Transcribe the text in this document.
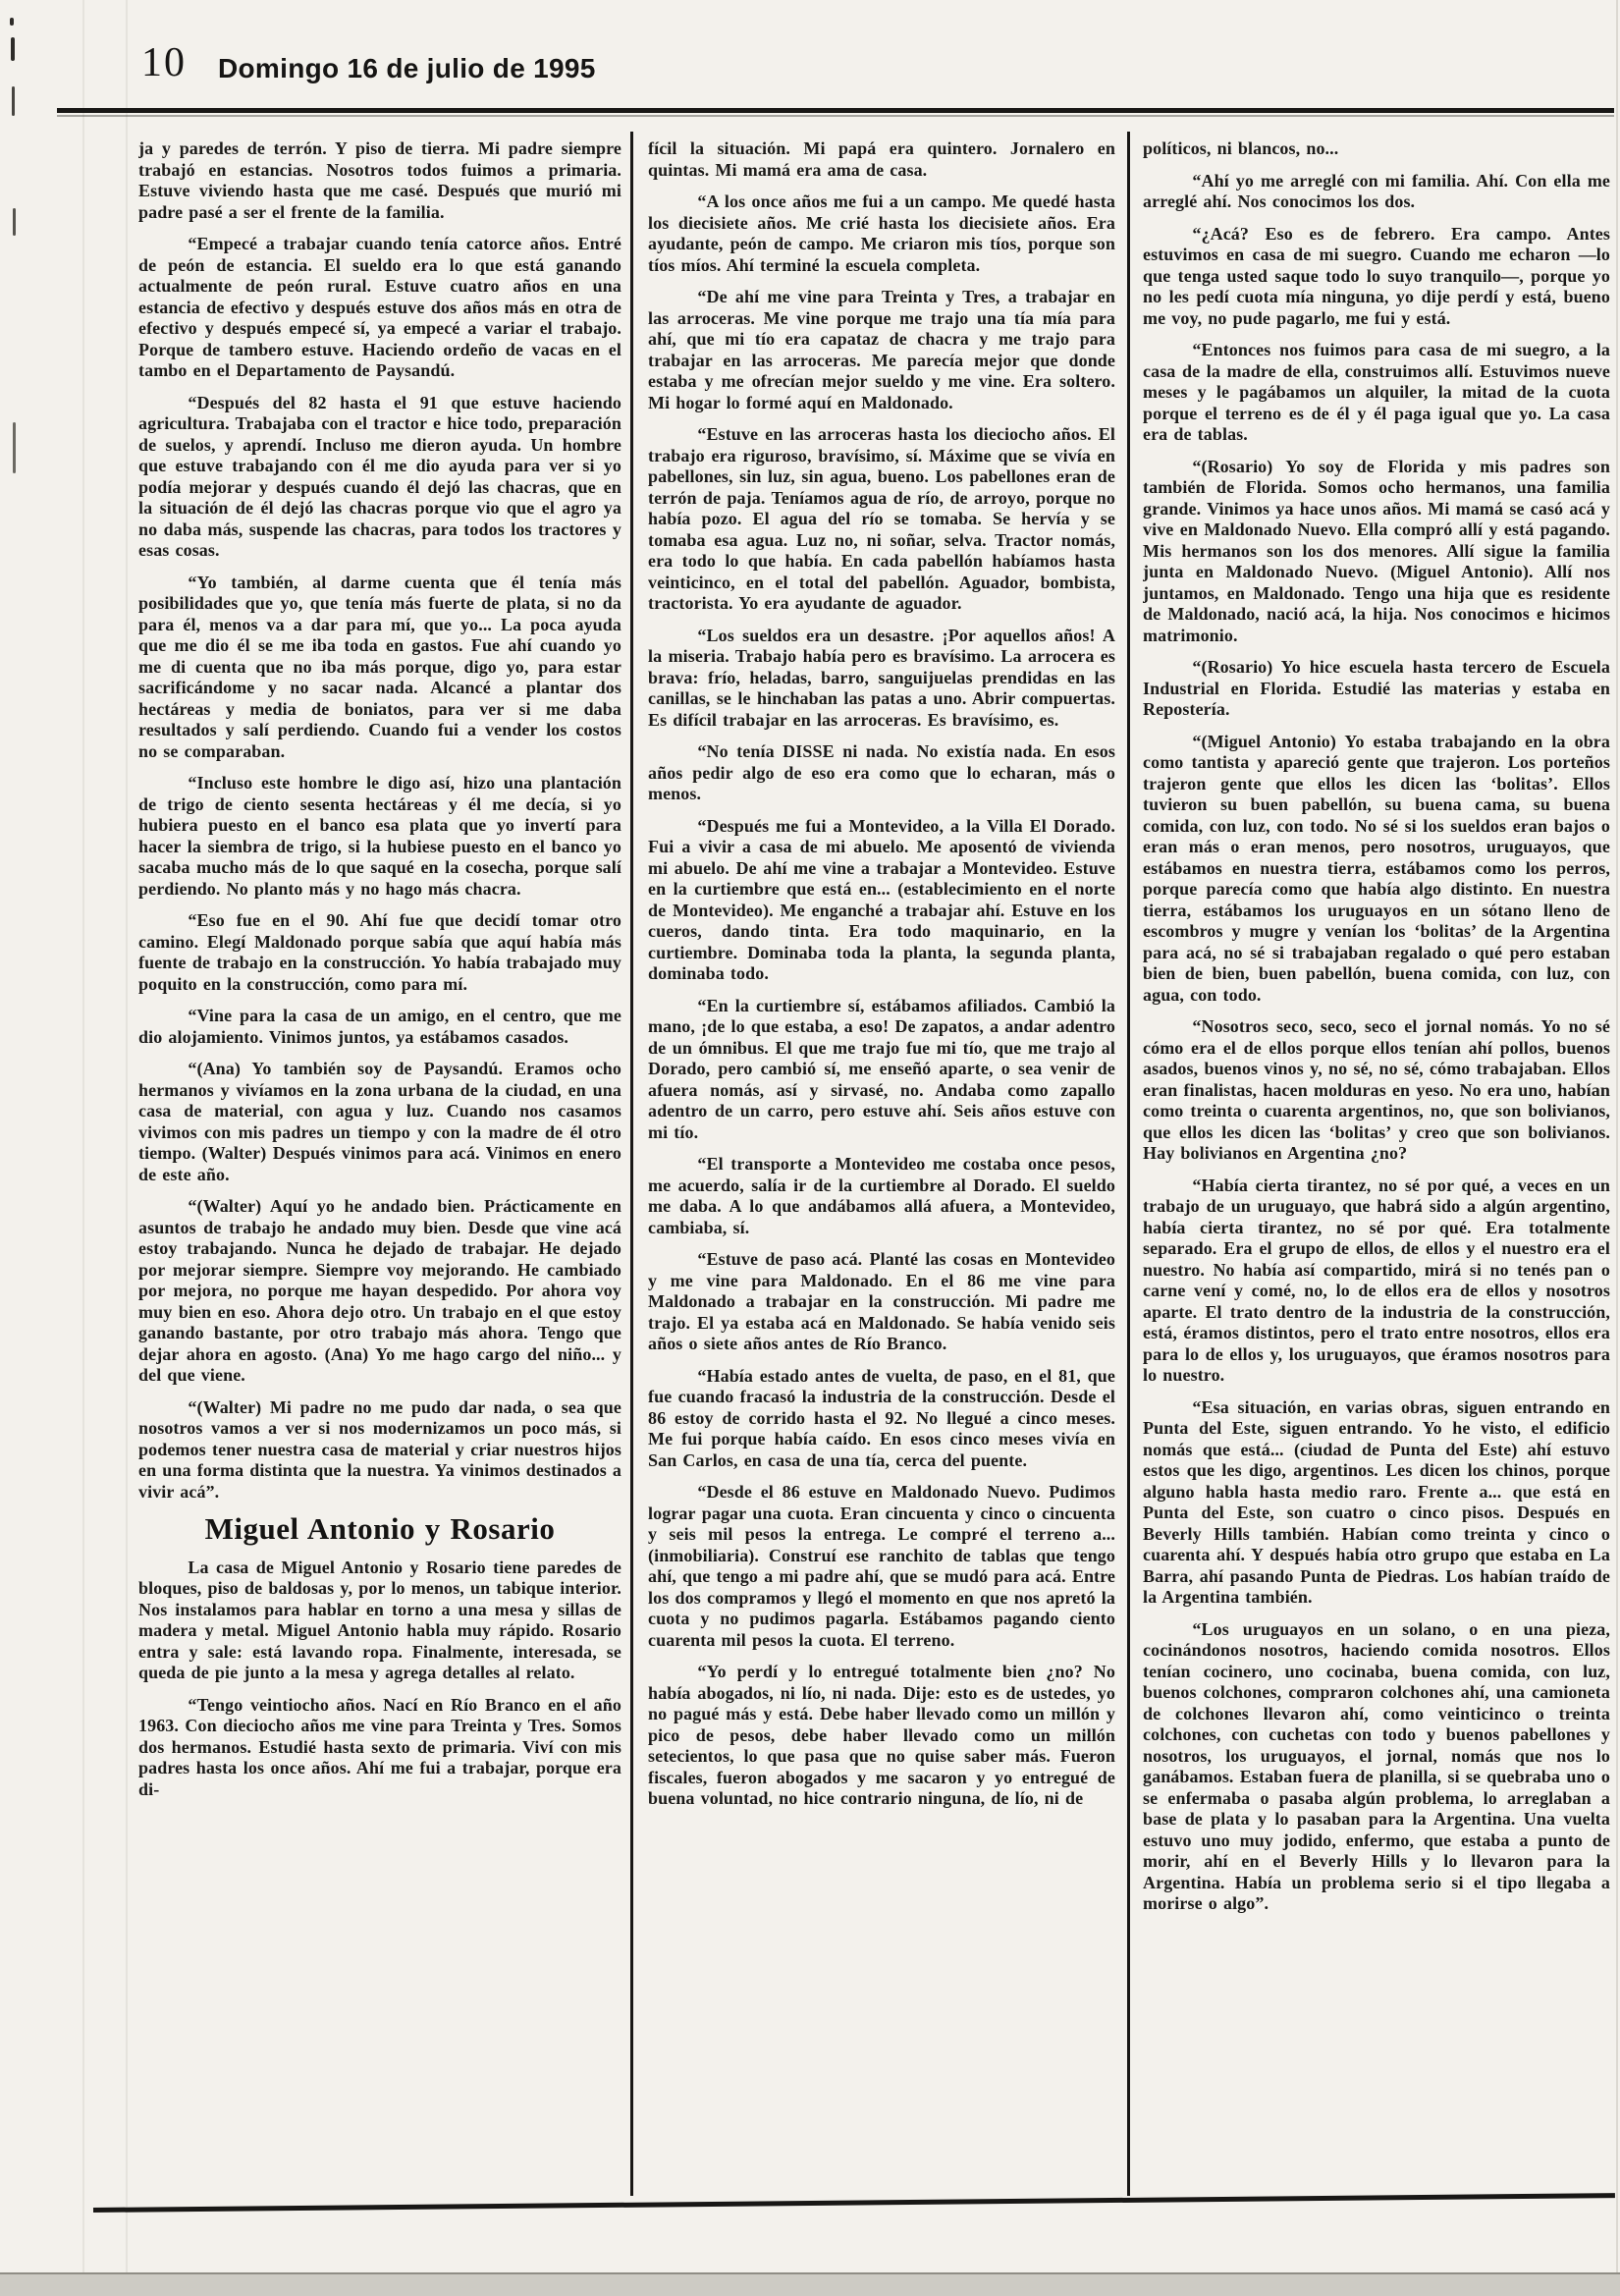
10 Domingo 16 de julio de 1995

ja y paredes de terrón. Y piso de tierra. Mi padre siempre trabajó en estancias. Nosotros todos fuimos a primaria. Estuve viviendo hasta que me casé. Después que murió mi padre pasé a ser el frente de la familia.

“Empecé a trabajar cuando tenía catorce años. Entré de peón de estancia. El sueldo era lo que está ganando actualmente de peón rural. Estuve cuatro años en una estancia de efectivo y después estuve dos años más en otra de efectivo y después empecé sí, ya empecé a variar el trabajo. Porque de tambero estuve. Haciendo ordeño de vacas en el tambo en el Departamento de Paysandú.

“Después del 82 hasta el 91 que estuve haciendo agricultura. Trabajaba con el tractor e hice todo, preparación de suelos, y aprendí. Incluso me dieron ayuda. Un hombre que estuve trabajando con él me dio ayuda para ver si yo podía mejorar y después cuando él dejó las chacras, que en la situación de él dejó las chacras porque vio que el agro ya no daba más, suspende las chacras, para todos los tractores y esas cosas.

“Yo también, al darme cuenta que él tenía más posibilidades que yo, que tenía más fuerte de plata, si no da para él, menos va a dar para mí, que yo... La poca ayuda que me dio él se me iba toda en gastos. Fue ahí cuando yo me di cuenta que no iba más porque, digo yo, para estar sacrificándome y no sacar nada. Alcancé a plantar dos hectáreas y media de boniatos, para ver si me daba resultados y salí perdiendo. Cuando fui a vender los costos no se comparaban.

“Incluso este hombre le digo así, hizo una plantación de trigo de ciento sesenta hectáreas y él me decía, si yo hubiera puesto en el banco esa plata que yo invertí para hacer la siembra de trigo, si la hubiese puesto en el banco yo sacaba mucho más de lo que saqué en la cosecha, porque salí perdiendo. No planto más y no hago más chacra.

“Eso fue en el 90. Ahí fue que decidí tomar otro camino. Elegí Maldonado porque sabía que aquí había más fuente de trabajo en la construcción. Yo había trabajado muy poquito en la construcción, como para mí.

“Vine para la casa de un amigo, en el centro, que me dio alojamiento. Vinimos juntos, ya estábamos casados.

“(Ana) Yo también soy de Paysandú. Eramos ocho hermanos y vivíamos en la zona urbana de la ciudad, en una casa de material, con agua y luz. Cuando nos casamos vivimos con mis padres un tiempo y con la madre de él otro tiempo. (Walter) Después vinimos para acá. Vinimos en enero de este año.

“(Walter) Aquí yo he andado bien. Prácticamente en asuntos de trabajo he andado muy bien. Desde que vine acá estoy trabajando. Nunca he dejado de trabajar. He dejado por mejorar siempre. Siempre voy mejorando. He cambiado por mejora, no porque me hayan despedido. Por ahora voy muy bien en eso. Ahora dejo otro. Un trabajo en el que estoy ganando bastante, por otro trabajo más ahora. Tengo que dejar ahora en agosto. (Ana) Yo me hago cargo del niño... y del que viene.

“(Walter) Mi padre no me pudo dar nada, o sea que nosotros vamos a ver si nos modernizamos un poco más, si podemos tener nuestra casa de material y criar nuestros hijos en una forma distinta que la nuestra. Ya vinimos destinados a vivir acá”.

Miguel Antonio y Rosario

La casa de Miguel Antonio y Rosario tiene paredes de bloques, piso de baldosas y, por lo menos, un tabique interior. Nos instalamos para hablar en torno a una mesa y sillas de madera y metal. Miguel Antonio habla muy rápido. Rosario entra y sale: está lavando ropa. Finalmente, interesada, se queda de pie junto a la mesa y agrega detalles al relato.

“Tengo veintiocho años. Nací en Río Branco en el año 1963. Con dieciocho años me vine para Treinta y Tres. Somos dos hermanos. Estudié hasta sexto de primaria. Viví con mis padres hasta los once años. Ahí me fui a trabajar, porque era di-

fícil la situación. Mi papá era quintero. Jornalero en quintas. Mi mamá era ama de casa.

“A los once años me fui a un campo. Me quedé hasta los diecisiete años. Me crié hasta los diecisiete años. Era ayudante, peón de campo. Me criaron mis tíos, porque son tíos míos. Ahí terminé la escuela completa.

“De ahí me vine para Treinta y Tres, a trabajar en las arroceras. Me vine porque me trajo una tía mía para ahí, que mi tío era capataz de chacra y me trajo para trabajar en las arroceras. Me parecía mejor que donde estaba y me ofrecían mejor sueldo y me vine. Era soltero. Mi hogar lo formé aquí en Maldonado.

“Estuve en las arroceras hasta los dieciocho años. El trabajo era riguroso, bravísimo, sí. Máxime que se vivía en pabellones, sin luz, sin agua, bueno. Los pabellones eran de terrón de paja. Teníamos agua de río, de arroyo, porque no había pozo. El agua del río se tomaba. Se hervía y se tomaba esa agua. Luz no, ni soñar, selva. Tractor nomás, era todo lo que había. En cada pabellón habíamos hasta veinticinco, en el total del pabellón. Aguador, bombista, tractorista. Yo era ayudante de aguador.

“Los sueldos era un desastre. ¡Por aquellos años! A la miseria. Trabajo había pero es bravísimo. La arrocera es brava: frío, heladas, barro, sanguijuelas prendidas en las canillas, se le hinchaban las patas a uno. Abrir compuertas. Es difícil trabajar en las arroceras. Es bravísimo, es.

“No tenía DISSE ni nada. No existía nada. En esos años pedir algo de eso era como que lo echaran, más o menos.

“Después me fui a Montevideo, a la Villa El Dorado. Fui a vivir a casa de mi abuelo. Me aposentó de vivienda mi abuelo. De ahí me vine a trabajar a Montevideo. Estuve en la curtiembre que está en... (establecimiento en el norte de Montevideo). Me enganché a trabajar ahí. Estuve en los cueros, dando tinta. Era todo maquinario, en la curtiembre. Dominaba toda la planta, la segunda planta, dominaba todo.

“En la curtiembre sí, estábamos afiliados. Cambió la mano, ¡de lo que estaba, a eso! De zapatos, a andar adentro de un ómnibus. El que me trajo fue mi tío, que me trajo al Dorado, pero cambió sí, me enseñó aparte, o sea venir de afuera nomás, así y sirvasé, no. Andaba como zapallo adentro de un carro, pero estuve ahí. Seis años estuve con mi tío.

“El transporte a Montevideo me costaba once pesos, me acuerdo, salía ir de la curtiembre al Dorado. El sueldo me daba. A lo que andábamos allá afuera, a Montevideo, cambiaba, sí.

“Estuve de paso acá. Planté las cosas en Montevideo y me vine para Maldonado. En el 86 me vine para Maldonado a trabajar en la construcción. Mi padre me trajo. El ya estaba acá en Maldonado. Se había venido seis años o siete años antes de Río Branco.

“Había estado antes de vuelta, de paso, en el 81, que fue cuando fracasó la industria de la construcción. Desde el 86 estoy de corrido hasta el 92. No llegué a cinco meses. Me fui porque había caído. En esos cinco meses vivía en San Carlos, en casa de una tía, cerca del puente.

“Desde el 86 estuve en Maldonado Nuevo. Pudimos lograr pagar una cuota. Eran cincuenta y cinco o cincuenta y seis mil pesos la entrega. Le compré el terreno a... (inmobiliaria). Construí ese ranchito de tablas que tengo ahí, que tengo a mi padre ahí, que se mudó para acá. Entre los dos compramos y llegó el momento en que nos apretó la cuota y no pudimos pagarla. Estábamos pagando ciento cuarenta mil pesos la cuota. El terreno.

“Yo perdí y lo entregué totalmente bien ¿no? No había abogados, ni lío, ni nada. Dije: esto es de ustedes, yo no pagué más y está. Debe haber llevado como un millón y pico de pesos, debe haber llevado como un millón setecientos, lo que pasa que no quise saber más. Fueron fiscales, fueron abogados y me sacaron y yo entregué de buena voluntad, no hice contrario ninguna, de lío, ni de

políticos, ni blancos, no...

“Ahí yo me arreglé con mi familia. Ahí. Con ella me arreglé ahí. Nos conocimos los dos.

“¿Acá? Eso es de febrero. Era campo. Antes estuvimos en casa de mi suegro. Cuando me echaron —lo que tenga usted saque todo lo suyo tranquilo—, porque yo no les pedí cuota mía ninguna, yo dije perdí y está, bueno me voy, no pude pagarlo, me fui y está.

“Entonces nos fuimos para casa de mi suegro, a la casa de la madre de ella, construimos allí. Estuvimos nueve meses y le pagábamos un alquiler, la mitad de la cuota porque el terreno es de él y él paga igual que yo. La casa era de tablas.

“(Rosario) Yo soy de Florida y mis padres son también de Florida. Somos ocho hermanos, una familia grande. Vinimos ya hace unos años. Mi mamá se casó acá y vive en Maldonado Nuevo. Ella compró allí y está pagando. Mis hermanos son los dos menores. Allí sigue la familia junta en Maldonado Nuevo. (Miguel Antonio). Allí nos juntamos, en Maldonado. Tengo una hija que es residente de Maldonado, nació acá, la hija. Nos conocimos e hicimos matrimonio.

“(Rosario) Yo hice escuela hasta tercero de Escuela Industrial en Florida. Estudié las materias y estaba en Repostería.

“(Miguel Antonio) Yo estaba trabajando en la obra como tantista y apareció gente que trajeron. Los porteños trajeron gente que ellos les dicen las ‘bolitas’. Ellos tuvieron su buen pabellón, su buena cama, su buena comida, con luz, con todo. No sé si los sueldos eran bajos o eran más o eran menos, pero nosotros, uruguayos, que estábamos en nuestra tierra, estábamos como los perros, porque parecía como que había algo distinto. En nuestra tierra, estábamos los uruguayos en un sótano lleno de escombros y mugre y venían los ‘bolitas’ de la Argentina para acá, no sé si trabajaban regalado o qué pero estaban bien de bien, buen pabellón, buena comida, con luz, con agua, con todo.

“Nosotros seco, seco, seco el jornal nomás. Yo no sé cómo era el de ellos porque ellos tenían ahí pollos, buenos asados, buenos vinos y, no sé, no sé, cómo trabajaban. Ellos eran finalistas, hacen molduras en yeso. No era uno, habían como treinta o cuarenta argentinos, no, que son bolivianos, que ellos les dicen las ‘bolitas’ y creo que son bolivianos. Hay bolivianos en Argentina ¿no?

“Había cierta tirantez, no sé por qué, a veces en un trabajo de un uruguayo, que habrá sido a algún argentino, había cierta tirantez, no sé por qué. Era totalmente separado. Era el grupo de ellos, de ellos y el nuestro era el nuestro. No había así compartido, mirá si no tenés pan o carne vení y comé, no, lo de ellos era de ellos y nosotros aparte. El trato dentro de la industria de la construcción, está, éramos distintos, pero el trato entre nosotros, ellos era para lo de ellos y, los uruguayos, que éramos nosotros para lo nuestro.

“Esa situación, en varias obras, siguen entrando en Punta del Este, siguen entrando. Yo he visto, el edificio nomás que está... (ciudad de Punta del Este) ahí estuvo estos que les digo, argentinos. Les dicen los chinos, porque alguno habla hasta medio raro. Frente a... que está en Punta del Este, son cuatro o cinco pisos. Después en Beverly Hills también. Habían como treinta y cinco o cuarenta ahí. Y después había otro grupo que estaba en La Barra, ahí pasando Punta de Piedras. Los habían traído de la Argentina también.

“Los uruguayos en un solano, o en una pieza, cocinándonos nosotros, haciendo comida nosotros. Ellos tenían cocinero, uno cocinaba, buena comida, con luz, buenos colchones, compraron colchones ahí, una camioneta de colchones llevaron ahí, como veinticinco o treinta colchones, con cuchetas con todo y buenos pabellones y nosotros, los uruguayos, el jornal, nomás que nos lo ganábamos. Estaban fuera de planilla, si se quebraba uno o se enfermaba o pasaba algún problema, lo arreglaban a base de plata y lo pasaban para la Argentina. Una vuelta estuvo uno muy jodido, enfermo, que estaba a punto de morir, ahí en el Beverly Hills y lo llevaron para la Argentina. Había un problema serio si el tipo llegaba a morirse o algo”.
